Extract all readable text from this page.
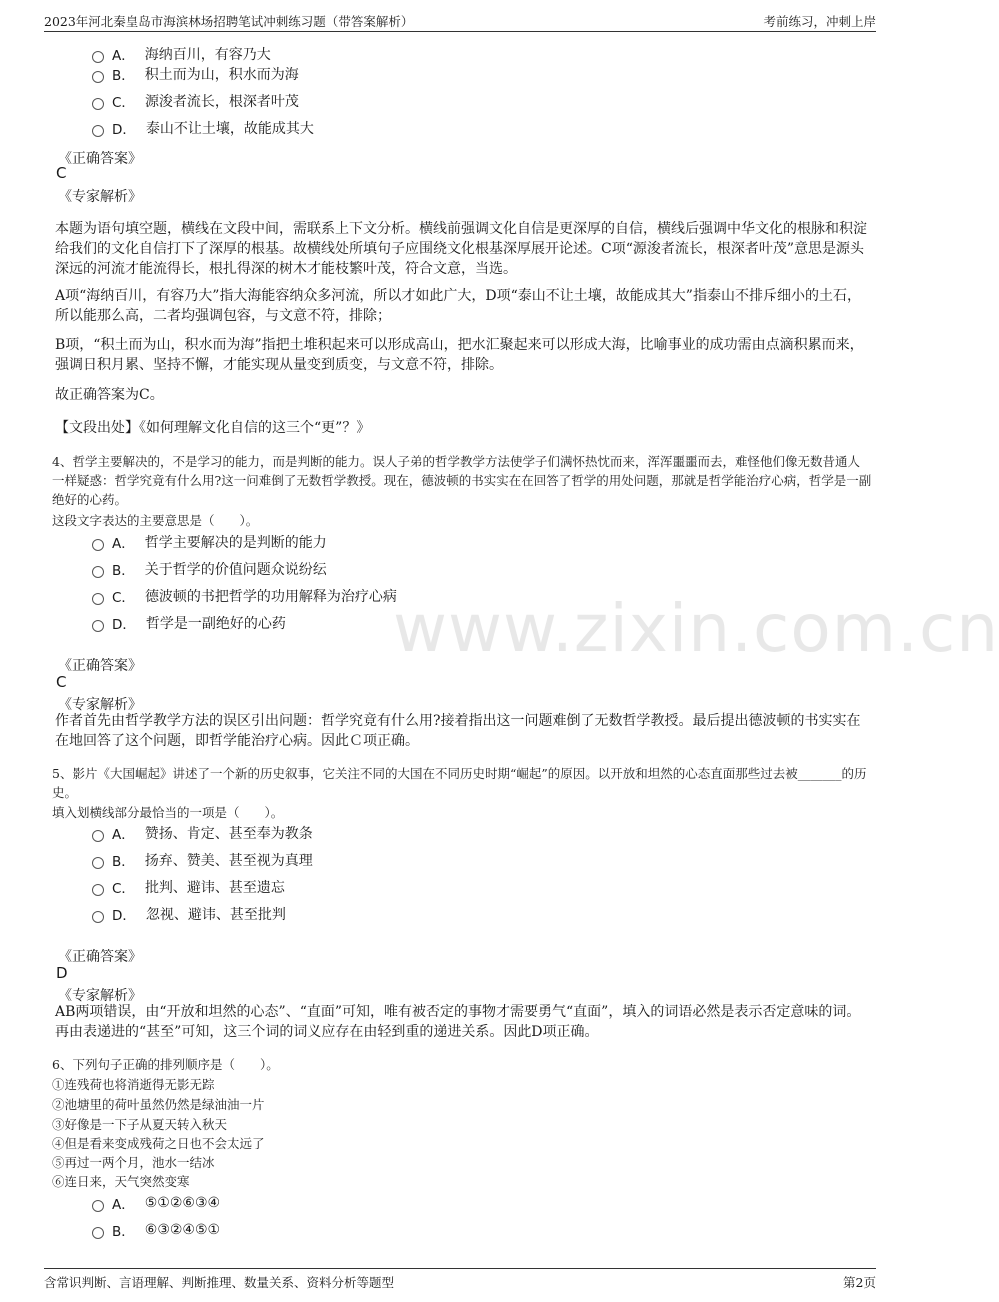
2023年河北秦皇岛市海滨林场招聘笔试冲刺练习题（带答案解析）	考前练习，冲刺上岸
A． 海纳百川，有容乃大
B． 积土而为山，积水而为海
C． 源浚者流长，根深者叶茂
D． 泰山不让土壤，故能成其大
《正确答案》
C
《专家解析》
本题为语句填空题，横线在文段中间，需联系上下文分析。横线前强调文化自信是更深厚的自信，横线后强调中华文化的根脉和积淀给我们的文化自信打下了深厚的根基。故横线处所填句子应围绕文化根基深厚展开论述。C项“源浚者流长，根深者叶茂”意思是源头深远的河流才能流得长，根扎得深的树木才能枝繁叶茂，符合文意，当选。
A项“海纳百川，有容乃大”指大海能容纳众多河流，所以才如此广大，D项“泰山不让土壤，故能成其大”指泰山不排斥细小的土石，所以能那么高，二者均强调包容，与文意不符，排除；
B项，“积土而为山，积水而为海”指把土堆积起来可以形成高山，把水汇聚起来可以形成大海，比喻事业的成功需由点滴积累而来，强调日积月累、坚持不懈，才能实现从量变到质变，与文意不符，排除。
故正确答案为C。
【文段出处】《如何理解文化自信的这三个“更”？》
4、哲学主要解决的，不是学习的能力，而是判断的能力。误人子弟的哲学教学方法使学子们满怀热忱而来，浑浑噩噩而去，难怪他们像无数昔通人一样疑惑：哲学究竟有什么用?这一问难倒了无数哲学教授。现在，德波顿的书实实在在回答了哲学的用处问题，那就是哲学能治疗心病，哲学是一副绝好的心药。
这段文字表达的主要意思是（　　）。
A． 哲学主要解决的是判断的能力
B． 关于哲学的价值问题众说纷纭
C． 德波顿的书把哲学的功用解释为治疗心病
D． 哲学是一副绝好的心药
《正确答案》
C
《专家解析》
作者首先由哲学教学方法的误区引出问题：哲学究竟有什么用?接着指出这一问题难倒了无数哲学教授。最后提出德波顿的书实实在在地回答了这个问题，即哲学能治疗心病。因此Ｃ项正确。
5、影片《大国崛起》讲述了一个新的历史叙事，它关注不同的大国在不同历史时期“崛起”的原因。以开放和坦然的心态直面那些过去被_______的历史。
填入划横线部分最恰当的一项是（　　）。
A． 赞扬、肯定、甚至奉为教条
B． 扬弃、赞美、甚至视为真理
C． 批判、避讳、甚至遗忘
D． 忽视、避讳、甚至批判
《正确答案》
D
《专家解析》
AB两项错误，由“开放和坦然的心态”、“直面”可知，唯有被否定的事物才需要勇气“直面”，填入的词语必然是表示否定意味的词。再由表递进的“甚至”可知，这三个词的词义应存在由轻到重的递进关系。因此D项正确。
6、下列句子正确的排列顺序是（　　）。
①连残荷也将消逝得无影无踪
②池塘里的荷叶虽然仍然是绿油油一片
③好像是一下子从夏天转入秋天
④但是看来变成残荷之日也不会太远了
⑤再过一两个月，池水一结冰
⑥连日来，天气突然变寒
A． ⑤①②⑥③④
B． ⑥③②④⑤①
www.zixin.com.cn
含常识判断、言语理解、判断推理、数量关系、资料分析等题型	第2页
